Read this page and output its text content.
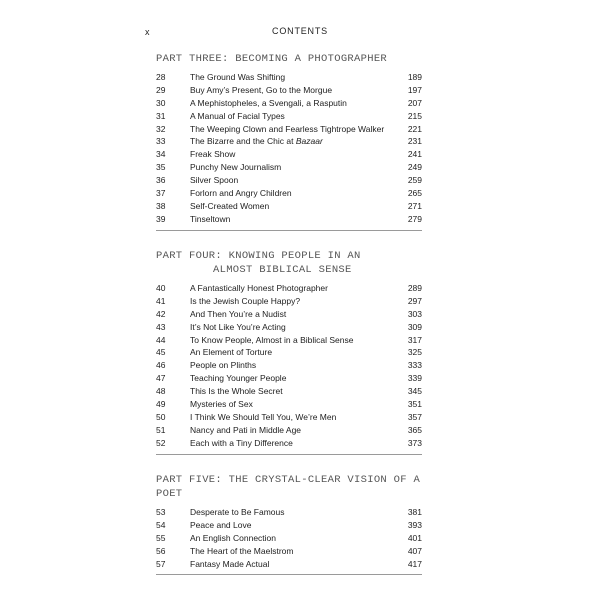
x	CONTENTS
PART THREE: BECOMING A PHOTOGRAPHER
28	The Ground Was Shifting	189
29	Buy Amy’s Present, Go to the Morgue	197
30	A Mephistopheles, a Svengali, a Rasputin	207
31	A Manual of Facial Types	215
32	The Weeping Clown and Fearless Tightrope Walker	221
33	The Bizarre and the Chic at Bazaar	231
34	Freak Show	241
35	Punchy New Journalism	249
36	Silver Spoon	259
37	Forlorn and Angry Children	265
38	Self-Created Women	271
39	Tinseltown	279
PART FOUR: KNOWING PEOPLE IN AN
ALMOST BIBLICAL SENSE
40	A Fantastically Honest Photographer	289
41	Is the Jewish Couple Happy?	297
42	And Then You’re a Nudist	303
43	It’s Not Like You’re Acting	309
44	To Know People, Almost in a Biblical Sense	317
45	An Element of Torture	325
46	People on Plinths	333
47	Teaching Younger People	339
48	This Is the Whole Secret	345
49	Mysteries of Sex	351
50	I Think We Should Tell You, We’re Men	357
51	Nancy and Pati in Middle Age	365
52	Each with a Tiny Difference	373
PART FIVE: THE CRYSTAL-CLEAR VISION OF A POET
53	Desperate to Be Famous	381
54	Peace and Love	393
55	An English Connection	401
56	The Heart of the Maelstrom	407
57	Fantasy Made Actual	417
